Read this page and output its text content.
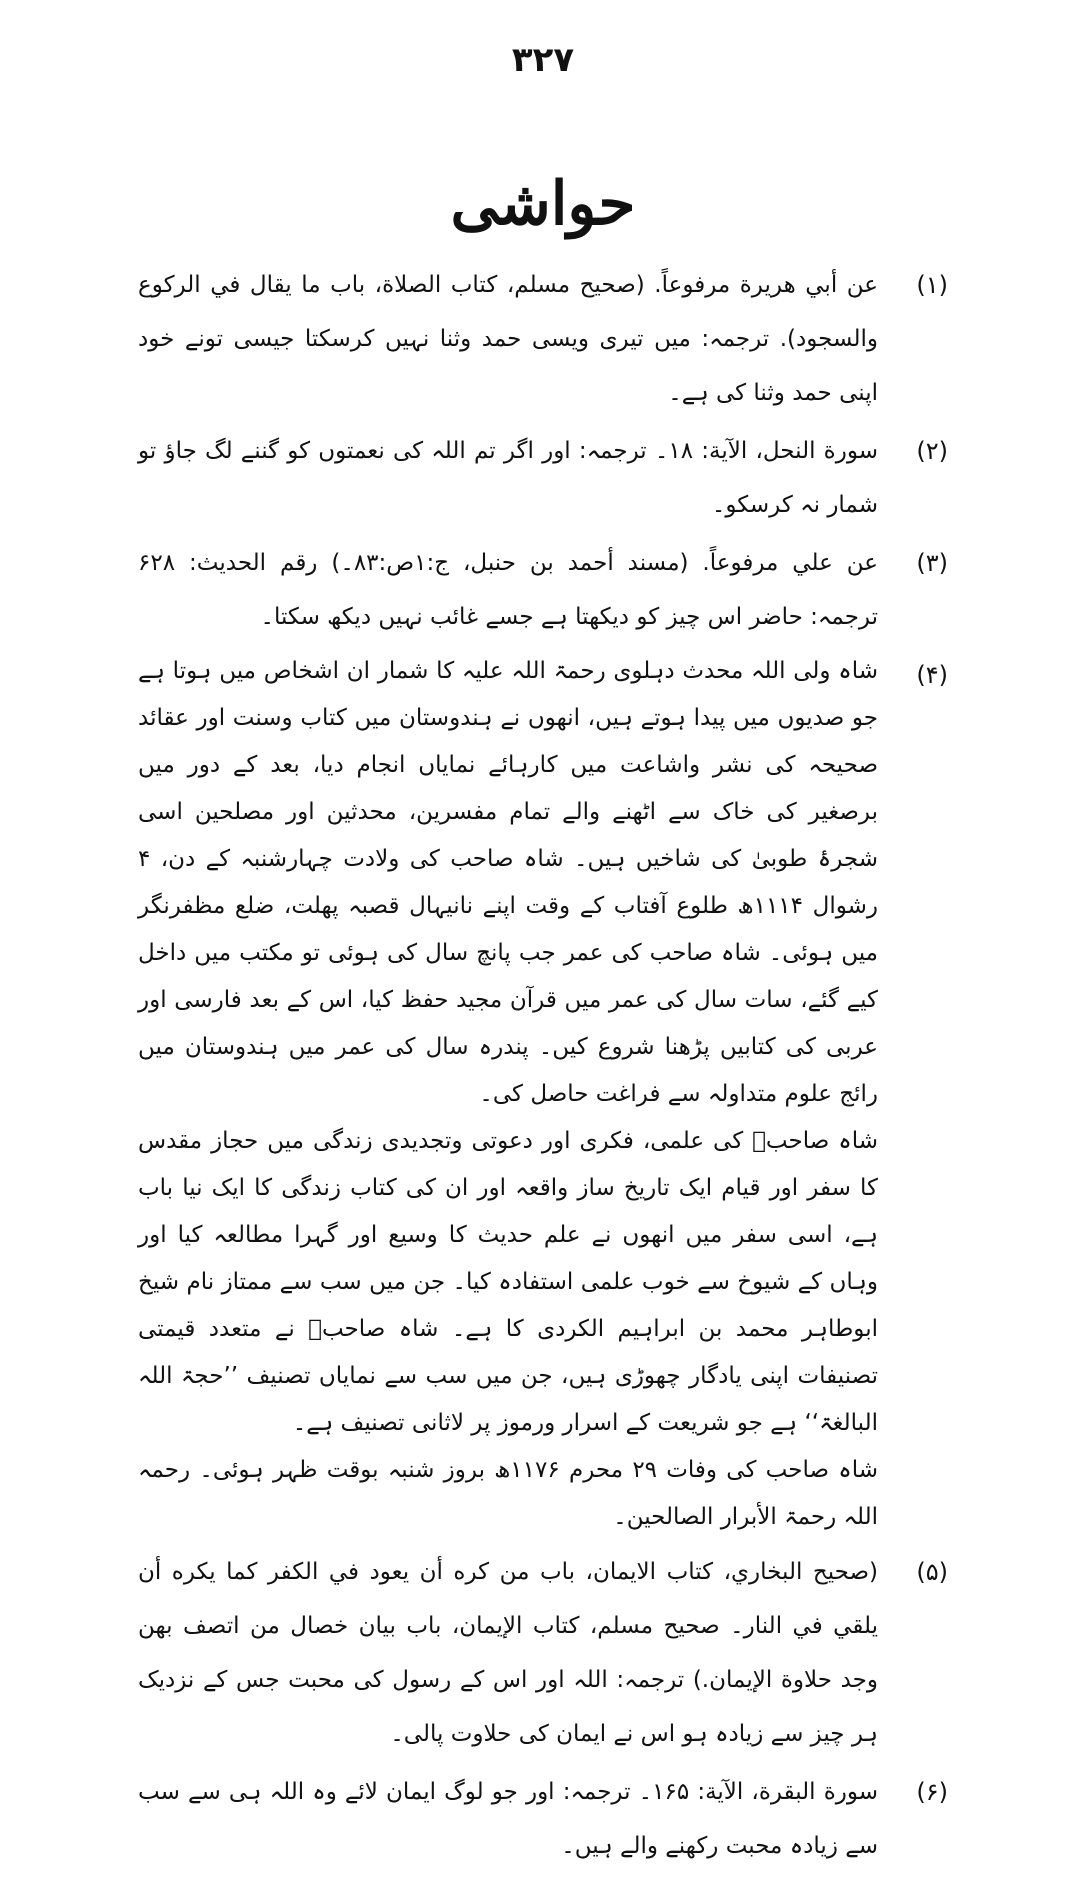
۳۲۷
حواشی
(۱)

عن أبي هريرة مرفوعاً. (صحيح مسلم، كتاب الصلاة، باب ما يقال في الركوع والسجود). ترجمہ: میں تیری ویسی حمد وثنا نہیں کرسکتا جیسی تونے خود اپنی حمد وثنا کی ہے۔

(۲)

سورة النحل، الآية: ۱۸۔ ترجمہ: اور اگر تم اللہ کی نعمتوں کو گننے لگ جاؤ تو شمار نہ کرسکو۔

(۳)

عن علي مرفوعاً. (مسند أحمد بن حنبل، ج:۱ص:۸۳۔) رقم الحدیث: ۶۲۸ ترجمہ: حاضر اس چیز کو دیکھتا ہے جسے غائب نہیں دیکھ سکتا۔

(۴)

شاہ ولی اللہ محدث دہلوی رحمۃ اللہ علیہ کا شمار ان اشخاص میں ہوتا ہے جو صدیوں میں پیدا ہوتے ہیں، انھوں نے ہندوستان میں کتاب وسنت اور عقائد صحیحہ کی نشر واشاعت میں کارہائے نمایاں انجام دیا، بعد کے دور میں برصغیر کی خاک سے اٹھنے والے تمام مفسرین، محدثین اور مصلحین اسی شجرۂ طوبیٰ کی شاخیں ہیں۔ شاہ صاحب کی ولادت چہارشنبہ کے دن، ۴ رشوال ۱۱۱۴ھ طلوع آفتاب کے وقت اپنے نانیہال قصبہ پھلت، ضلع مظفرنگر میں ہوئی۔ شاہ صاحب کی عمر جب پانچ سال کی ہوئی تو مکتب میں داخل کیے گئے، سات سال کی عمر میں قرآن مجید حفظ کیا، اس کے بعد فارسی اور عربی کی کتابیں پڑھنا شروع کیں۔ پندرہ سال کی عمر میں ہندوستان میں رائج علوم متداولہ سے فراغت حاصل کی۔

شاہ صاحبؒ کی علمی، فکری اور دعوتی وتجدیدی زندگی میں حجاز مقدس کا سفر اور قیام ایک تاریخ ساز واقعہ اور ان کی کتاب زندگی کا ایک نیا باب ہے، اسی سفر میں انھوں نے علم حدیث کا وسیع اور گہرا مطالعہ کیا اور وہاں کے شیوخ سے خوب علمی استفادہ کیا۔ جن میں سب سے ممتاز نام شیخ ابوطاہر محمد بن ابراہیم الکردی کا ہے۔ شاہ صاحبؒ نے متعدد قیمتی تصنیفات اپنی یادگار چھوڑی ہیں، جن میں سب سے نمایاں تصنیف ’’حجۃ اللہ البالغۃ‘‘ ہے جو شریعت کے اسرار ورموز پر لاثانی تصنیف ہے۔

شاہ صاحب کی وفات ۲۹ محرم ۱۱۷۶ھ بروز شنبہ بوقت ظہر ہوئی۔ رحمہ اللہ رحمۃ الأبرار الصالحین۔

(۵)

(صحيح البخاري، كتاب الايمان، باب من كره أن يعود في الكفر كما يكره أن يلقي في النار۔ صحيح مسلم، كتاب الإيمان، باب بيان خصال من اتصف بهن وجد حلاوة الإيمان.) ترجمہ: اللہ اور اس کے رسول کی محبت جس کے نزدیک ہر چیز سے زیادہ ہو اس نے ایمان کی حلاوت پالی۔

(۶)

سورة البقرة، الآية: ۱۶۵۔ ترجمہ: اور جو لوگ ایمان لائے وہ اللہ ہی سے سب سے زیادہ محبت رکھنے والے ہیں۔
